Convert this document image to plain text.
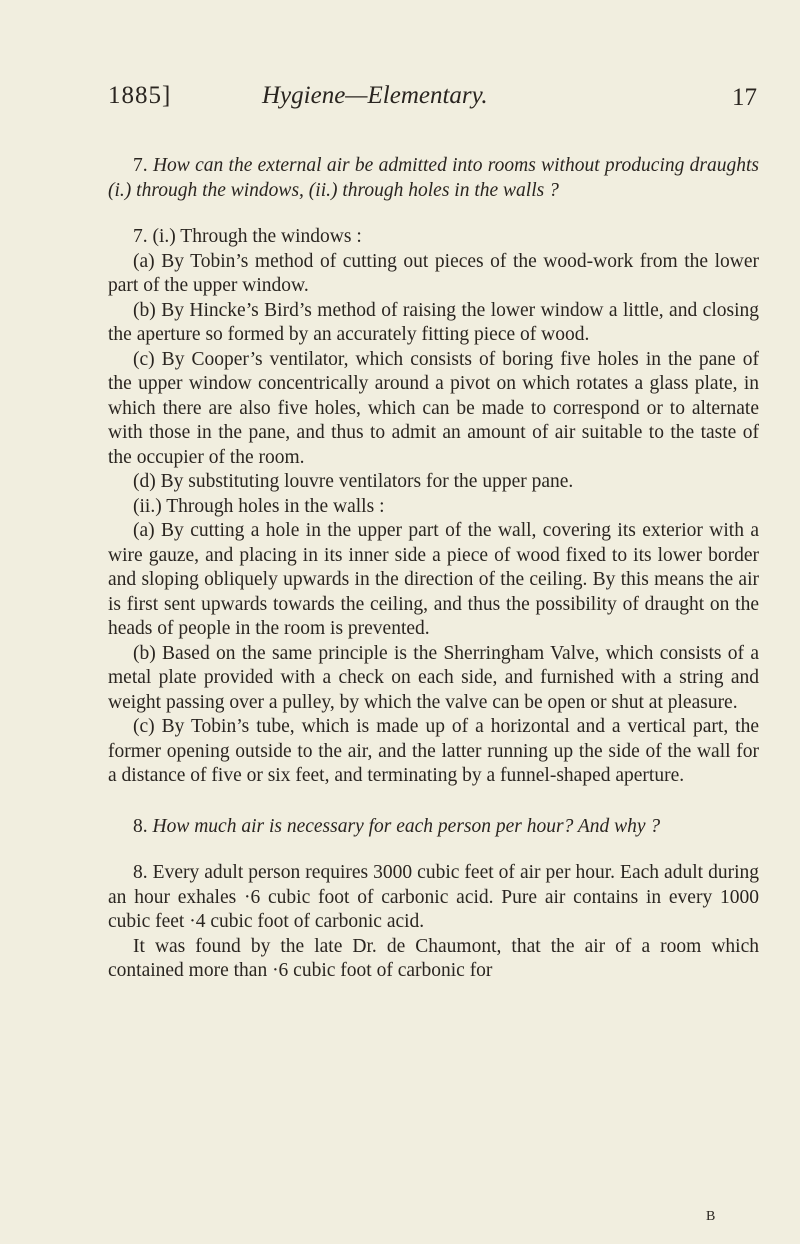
1885]	Hygiene—Elementary.	17

7. How can the external air be admitted into rooms without producing draughts (i.) through the windows, (ii.) through holes in the walls ?

7. (i.) Through the windows :

(a) By Tobin’s method of cutting out pieces of the wood-work from the lower part of the upper window.

(b) By Hincke’s Bird’s method of raising the lower window a little, and closing the aperture so formed by an accurately fitting piece of wood.

(c) By Cooper’s ventilator, which consists of boring five holes in the pane of the upper window concentrically around a pivot on which rotates a glass plate, in which there are also five holes, which can be made to correspond or to alternate with those in the pane, and thus to admit an amount of air suitable to the taste of the occupier of the room.

(d) By substituting louvre ventilators for the upper pane.

(ii.) Through holes in the walls :

(a) By cutting a hole in the upper part of the wall, covering its exterior with a wire gauze, and placing in its inner side a piece of wood fixed to its lower border and sloping obliquely upwards in the direction of the ceiling. By this means the air is first sent upwards towards the ceiling, and thus the possibility of draught on the heads of people in the room is prevented.

(b) Based on the same principle is the Sherringham Valve, which consists of a metal plate provided with a check on each side, and furnished with a string and weight passing over a pulley, by which the valve can be open or shut at pleasure.

(c) By Tobin’s tube, which is made up of a horizontal and a vertical part, the former opening outside to the air, and the latter running up the side of the wall for a distance of five or six feet, and terminating by a funnel-shaped aperture.

8. How much air is necessary for each person per hour? And why ?

8. Every adult person requires 3000 cubic feet of air per hour. Each adult during an hour exhales ·6 cubic foot of carbonic acid. Pure air contains in every 1000 cubic feet ·4 cubic foot of carbonic acid.

It was found by the late Dr. de Chaumont, that the air of a room which contained more than ·6 cubic foot of carbonic for

B
